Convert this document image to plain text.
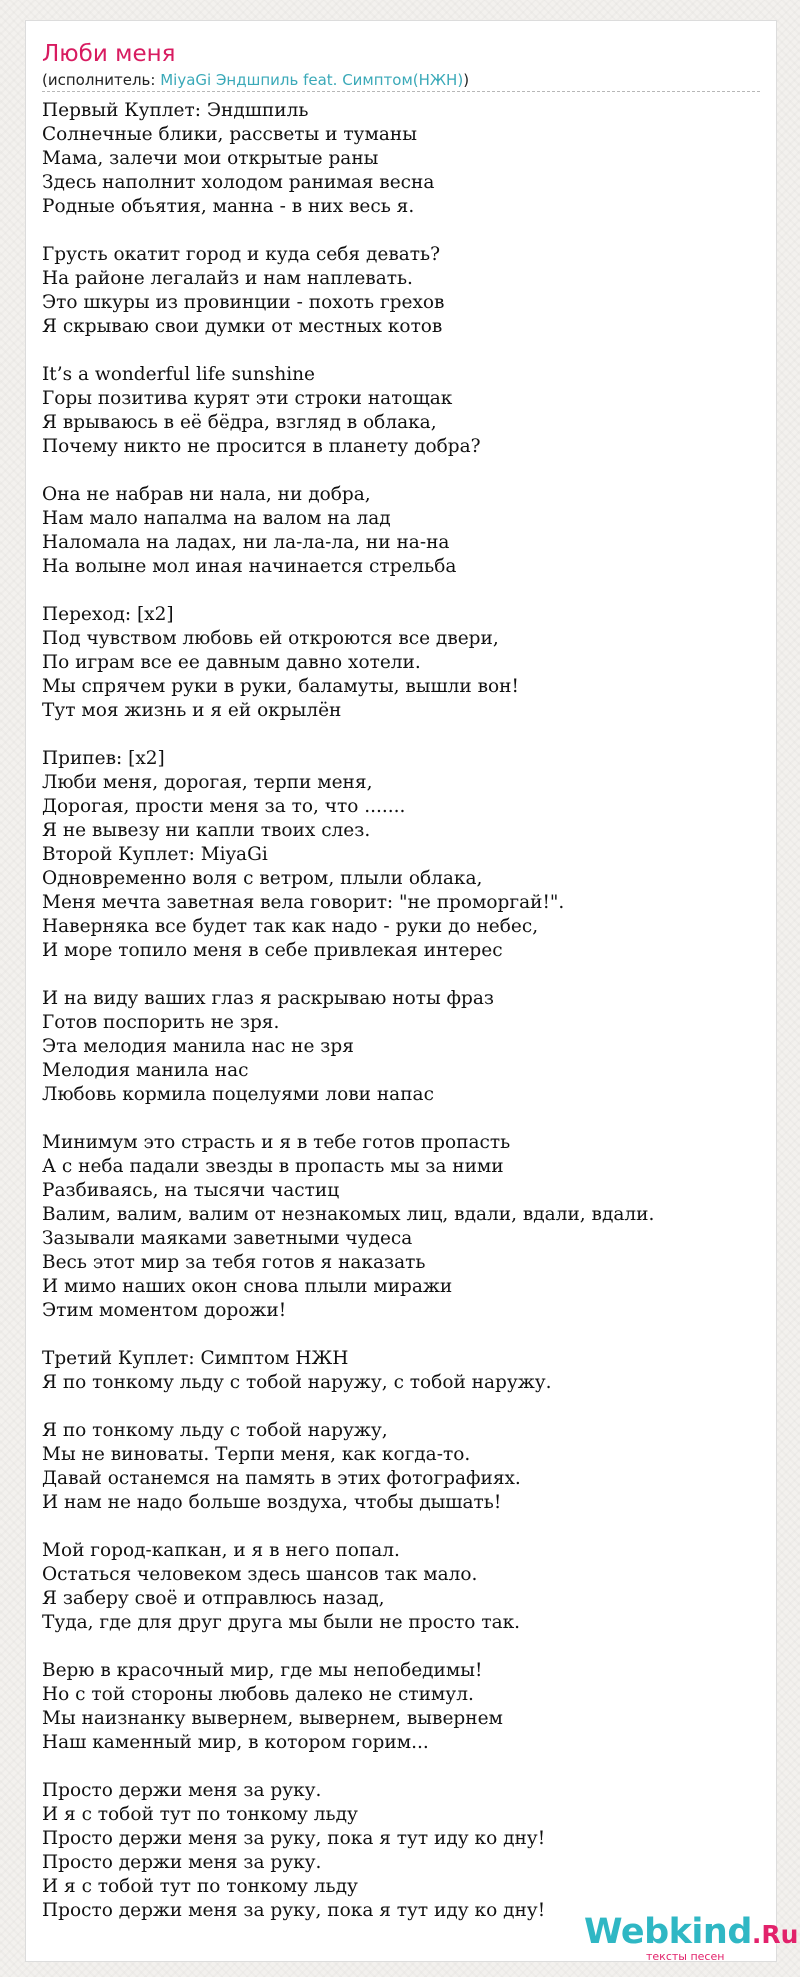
Люби меня
(исполнитель: MiyaGi Эндшпиль feat. Симптом(НЖН))
Первый Куплет: Эндшпиль
Солнечные блики, рассветы и туманы
Мама, залечи мои открытые раны
Здесь наполнит холодом ранимая весна
Родные объятия, манна - в них весь я.

Грусть окатит город и куда себя девать?
На районе легалайз и нам наплевать.
Это шкуры из провинции - похоть грехов
Я скрываю свои думки от местных котов

It’s a wonderful life sunshine
Горы позитива курят эти строки натощак
Я врываюсь в её бёдра, взгляд в облака,
Почему никто не просится в планету добра?

Она не набрав ни нала, ни добра,
Нам мало напалма на валом на лад
Наломала на ладах, ни ла-ла-ла, ни на-на
На волыне мол иная начинается стрельба

Переход: [x2]
Под чувством любовь ей откроются все двери,
По играм все ее давным давно хотели.
Мы спрячем руки в руки, баламуты, вышли вон!
Тут моя жизнь и я ей окрылён

Припев: [x2]
Люби меня, дорогая, терпи меня,
Дорогая, прости меня за то, что .......
Я не вывезу ни капли твоих слез.
Второй Куплет: MiyaGi
Одновременно воля с ветром, плыли облака,
Меня мечта заветная вела говорит: "не проморгай!".
Наверняка все будет так как надо - руки до небес,
И море топило меня в себе привлекая интерес

И на виду ваших глаз я раскрываю ноты фраз
Готов поспорить не зря.
Эта мелодия манила нас не зря
Мелодия манила нас
Любовь кормила поцелуями лови напас

Минимум это страсть и я в тебе готов пропасть
А с неба падали звезды в пропасть мы за ними
Разбиваясь, на тысячи частиц
Валим, валим, валим от незнакомых лиц, вдали, вдали, вдали.
Зазывали маяками заветными чудеса
Весь этот мир за тебя готов я наказать
И мимо наших окон снова плыли миражи
Этим моментом дорожи!

Третий Куплет: Симптом НЖН
Я по тонкому льду с тобой наружу, с тобой наружу.

Я по тонкому льду с тобой наружу,
Мы не виноваты. Терпи меня, как когда-то.
Давай останемся на память в этих фотографиях.
И нам не надо больше воздуха, чтобы дышать!

Мой город-капкан, и я в него попал.
Остаться человеком здесь шансов так мало.
Я заберу своё и отправлюсь назад,
Туда, где для друг друга мы были не просто так.

Верю в красочный мир, где мы непобедимы!
Но с той стороны любовь далеко не стимул.
Мы наизнанку вывернем, вывернем, вывернем
Наш каменный мир, в котором горим...

Просто держи меня за руку.
И я с тобой тут по тонкому льду
Просто держи меня за руку, пока я тут иду ко дну!
Просто держи меня за руку.
И я с тобой тут по тонкому льду
Просто держи меня за руку, пока я тут иду ко дну!
Webkind.Ru
тексты песен
